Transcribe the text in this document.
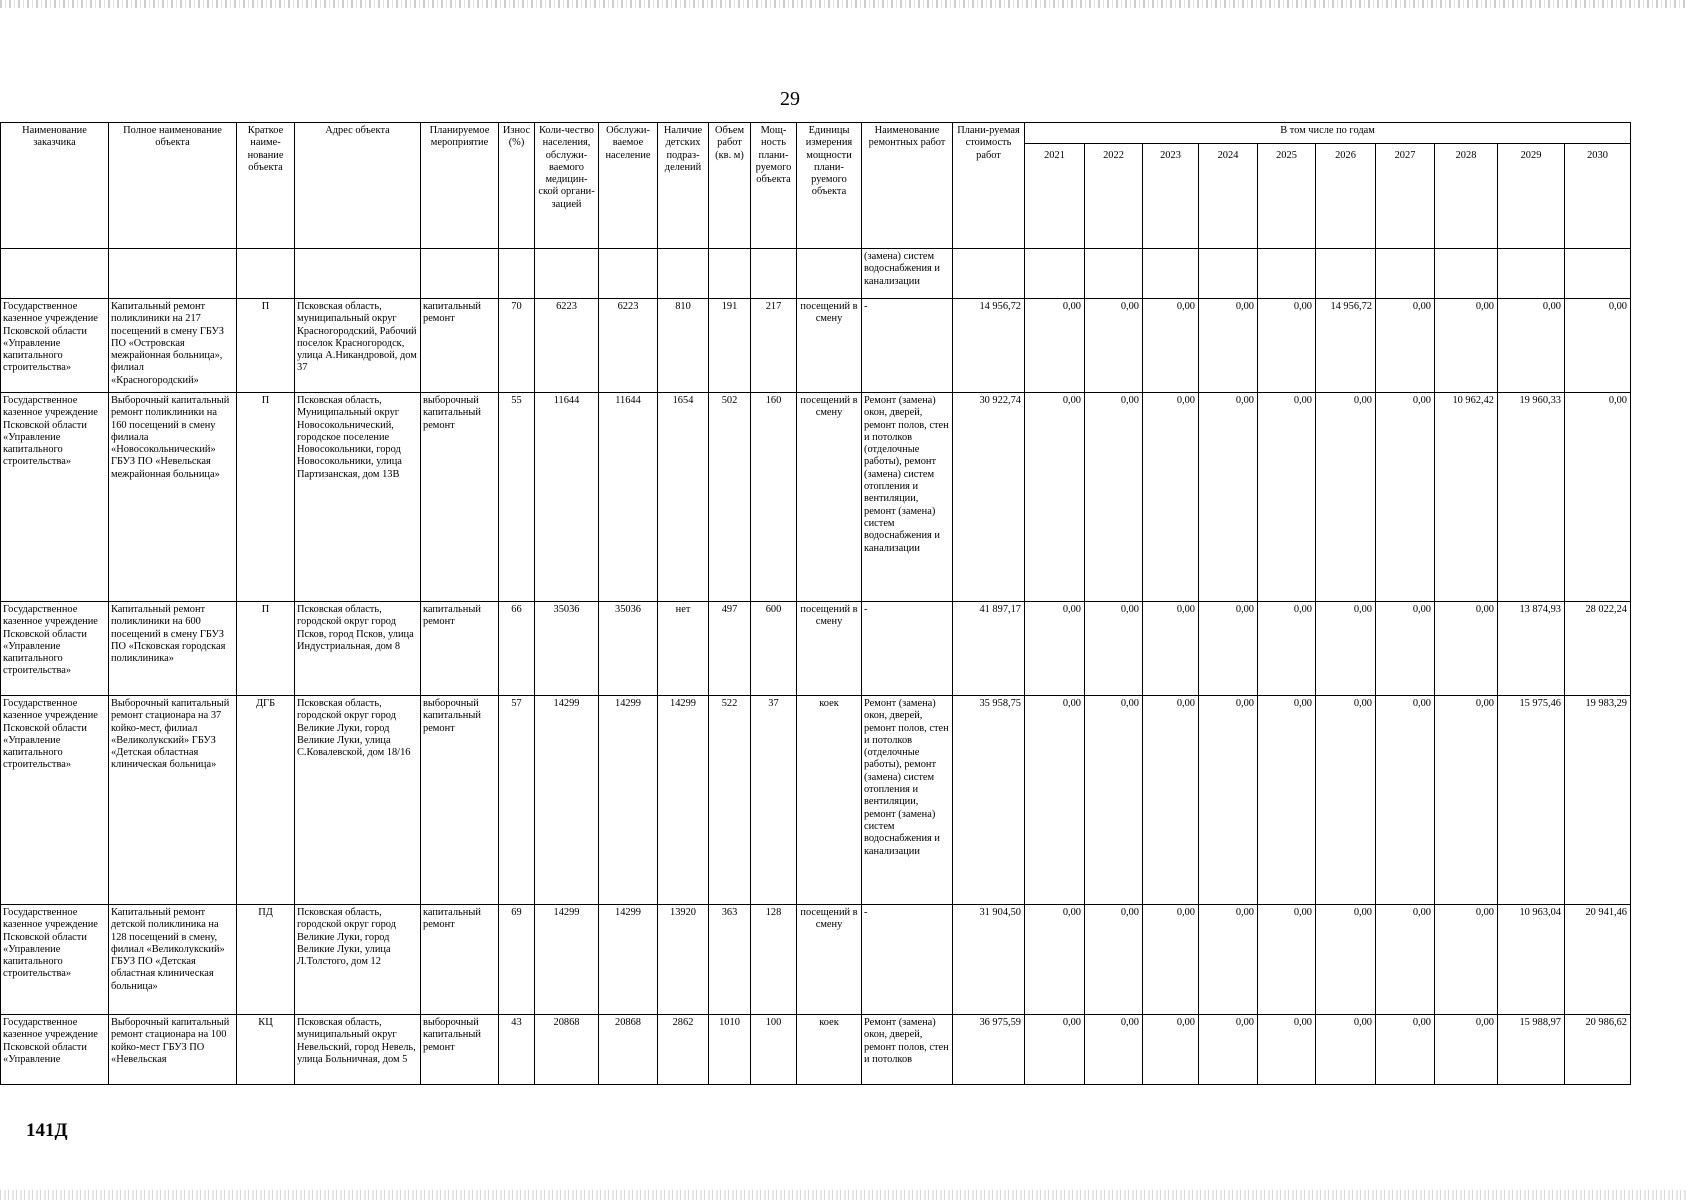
29
Наименование заказчика	Полное наименование объекта	Краткое наиме-нование объекта	Адрес объекта	Планируемое мероприятие	Износ (%)	Коли-чество населения, обслужи-ваемого медицин-ской органи-зацией	Обслужи-ваемое население	Наличие детских подраз-делений	Объем работ (кв. м)	Мощ-ность плани-руемого объекта	Единицы измерения мощности плани-руемого объекта	Наименование ремонтных работ	Плани-руемая стоимость работ	В том числе по годам									
														2021	2022	2023	2024	2025	2026	2027	2028	2029	2030
												(замена) систем водоснабжения и канализации											
Государственное казенное учреждение Псковской области «Управление капитального строительства»	Капитальный ремонт поликлиники на 217 посещений в смену ГБУЗ ПО «Островская межрайонная больница», филиал «Красногородский»	П	Псковская область, муниципальный округ Красногородский, Рабочий поселок Красногородск, улица А.Никандровой, дом 37	капитальный ремонт	70	6223	6223	810	191	217	посещений в смену	-	14 956,72	0,00	0,00	0,00	0,00	0,00	14 956,72	0,00	0,00	0,00	0,00
Государственное казенное учреждение Псковской области «Управление капитального строительства»	Выборочный капитальный ремонт поликлиники на 160 посещений в смену филиала «Новосокольнический» ГБУЗ ПО «Невельская межрайонная больница»	П	Псковская область, Муниципальный округ Новосокольнический, городское поселение Новосокольники, город Новосокольники, улица Партизанская, дом 13В	выборочный капитальный ремонт	55	11644	11644	1654	502	160	посещений в смену	Ремонт (замена) окон, дверей, ремонт полов, стен и потолков (отделочные работы), ремонт (замена) систем отопления и вентиляции, ремонт (замена) систем водоснабжения и канализации	30 922,74	0,00	0,00	0,00	0,00	0,00	0,00	0,00	10 962,42	19 960,33	0,00
Государственное казенное учреждение Псковской области «Управление капитального строительства»	Капитальный ремонт поликлиники на 600 посещений в смену ГБУЗ ПО «Псковская городская поликлиника»	П	Псковская область, городской округ город Псков, город Псков, улица Индустриальная, дом 8	капитальный ремонт	66	35036	35036	нет	497	600	посещений в смену	-	41 897,17	0,00	0,00	0,00	0,00	0,00	0,00	0,00	0,00	13 874,93	28 022,24
Государственное казенное учреждение Псковской области «Управление капитального строительства»	Выборочный капитальный ремонт стационара на 37 койко-мест, филиал «Великолукский» ГБУЗ «Детская областная клиническая больница»	ДГБ	Псковская область, городской округ город Великие Луки, город Великие Луки, улица С.Ковалевской, дом 18/16	выборочный капитальный ремонт	57	14299	14299	14299	522	37	коек	Ремонт (замена) окон, дверей, ремонт полов, стен и потолков (отделочные работы), ремонт (замена) систем отопления и вентиляции, ремонт (замена) систем водоснабжения и канализации	35 958,75	0,00	0,00	0,00	0,00	0,00	0,00	0,00	0,00	15 975,46	19 983,29
Государственное казенное учреждение Псковской области «Управление капитального строительства»	Капитальный ремонт детской поликлиника на 128 посещений в смену, филиал «Великолукский» ГБУЗ ПО «Детская областная клиническая больница»	ПД	Псковская область, городской округ город Великие Луки, город Великие Луки, улица Л.Толстого, дом 12	капитальный ремонт	69	14299	14299	13920	363	128	посещений в смену	-	31 904,50	0,00	0,00	0,00	0,00	0,00	0,00	0,00	0,00	10 963,04	20 941,46
Государственное казенное учреждение Псковской области «Управление	Выборочный капитальный ремонт стационара на 100 койко-мест ГБУЗ ПО «Невельская	КЦ	Псковская область, муниципальный округ Невельский, город Невель, улица Больничная, дом 5	выборочный капитальный ремонт	43	20868	20868	2862	1010	100	коек	Ремонт (замена) окон, дверей, ремонт полов, стен и потолков	36 975,59	0,00	0,00	0,00	0,00	0,00	0,00	0,00	0,00	15 988,97	20 986,62
141Д
